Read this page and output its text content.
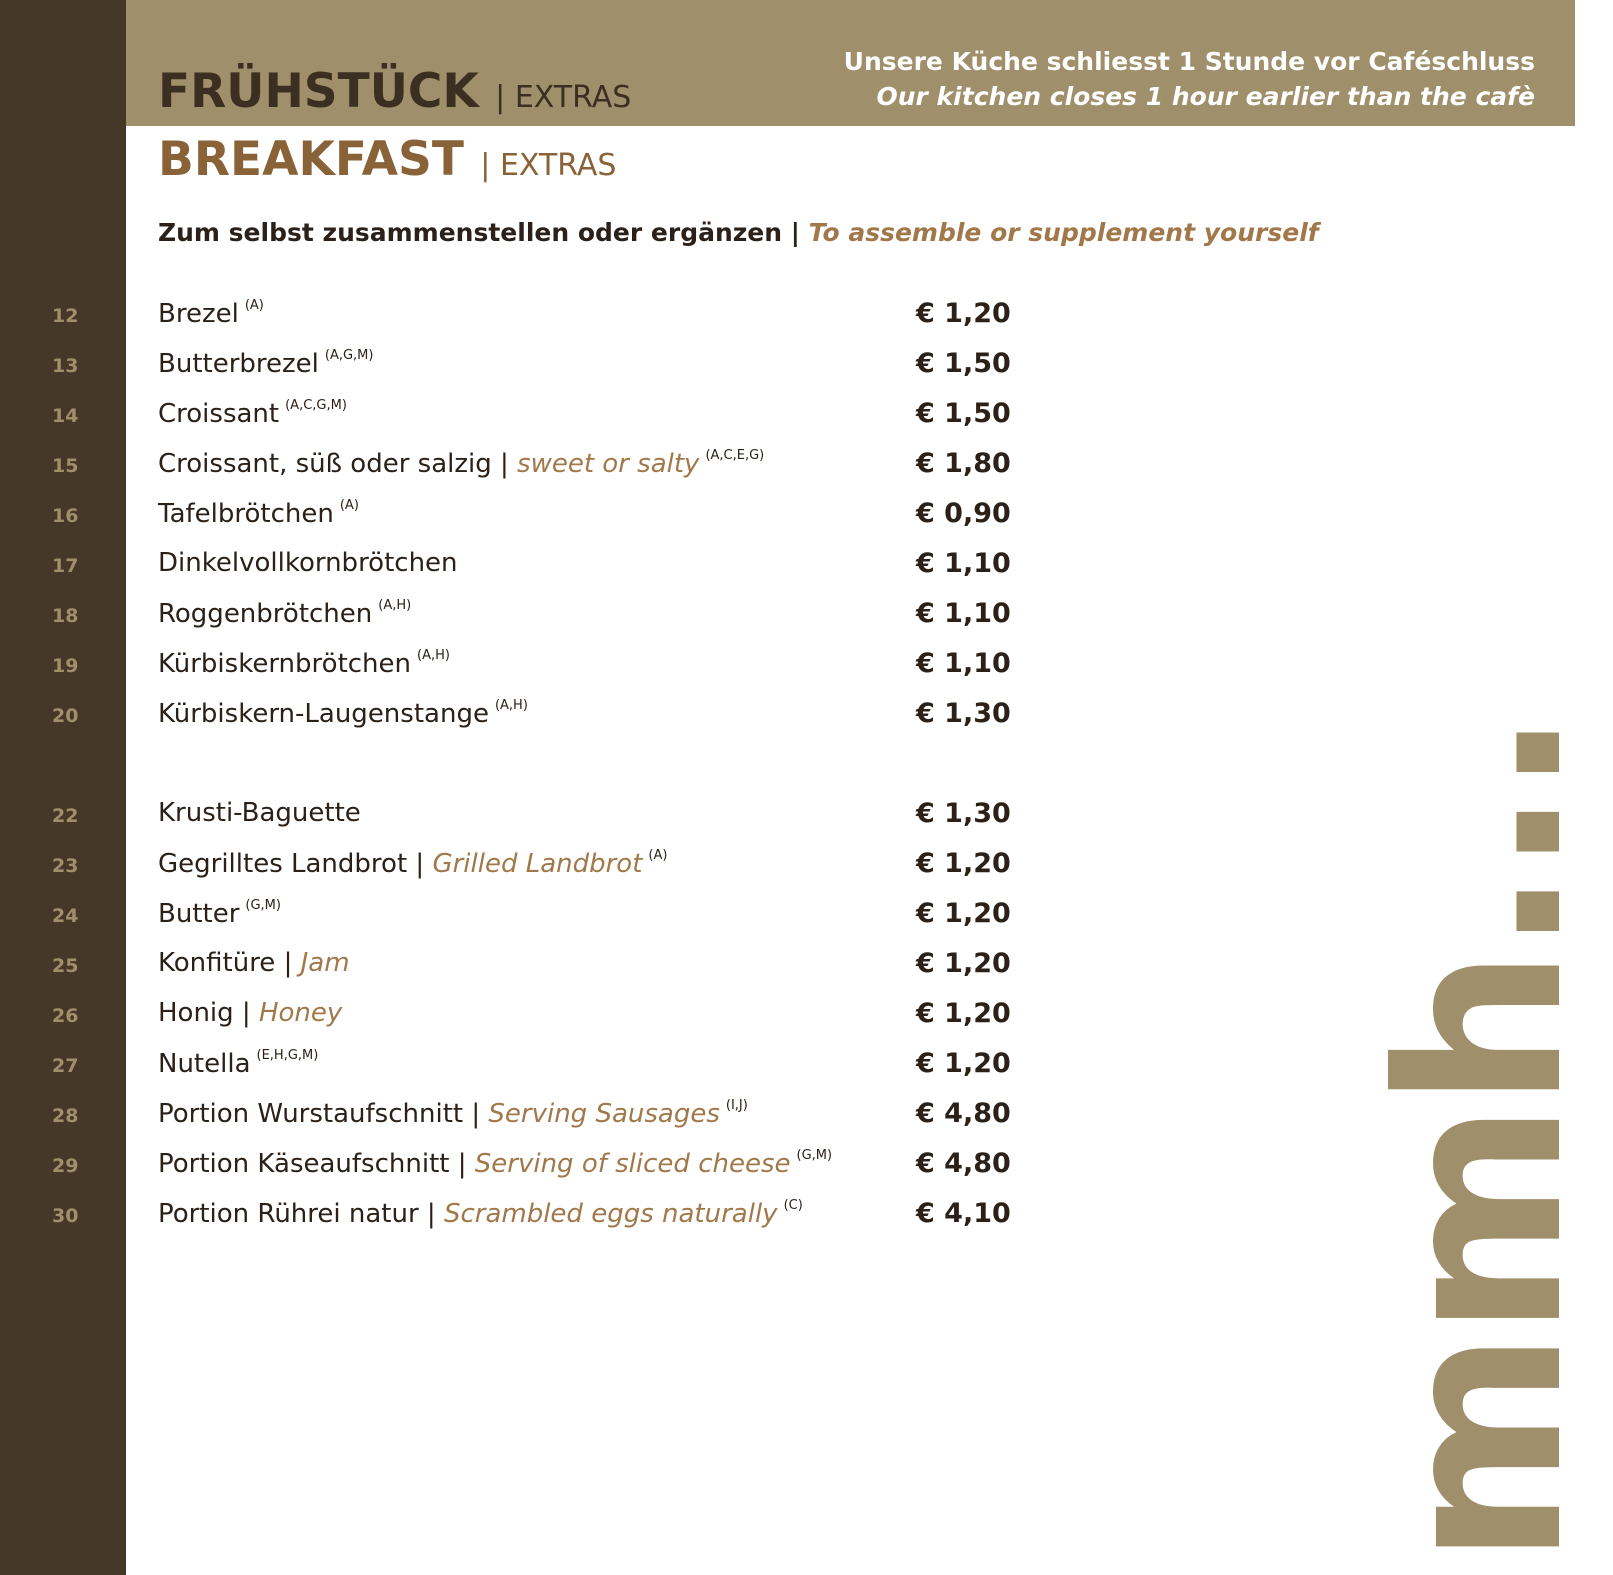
FRÜHSTÜCK | EXTRAS
Unsere Küche schliesst 1 Stunde vor Caféschluss
Our kitchen closes 1 hour earlier than the cafè
BREAKFAST | EXTRAS
Zum selbst zusammenstellen oder ergänzen | To assemble or supplement yourself
12	Brezel $^{(A)}$	€ 1,20
13	Butterbrezel $^{(A,G,M)}$	€ 1,50
14	Croissant $^{(A,C,G,M)}$	€ 1,50
15	Croissant, süß oder salzig | sweet or salty $^{(A,C,E,G)}$	€ 1,80
16	Tafelbrötchen $^{(A)}$	€ 0,90
17	Dinkelvollkornbrötchen	€ 1,10
18	Roggenbrötchen $^{(A,H)}$	€ 1,10
19	Kürbiskernbrötchen $^{(A,H)}$	€ 1,10
20	Kürbiskern-Laugenstange $^{(A,H)}$	€ 1,30
22	Krusti-Baguette	€ 1,30
23	Gegrilltes Landbrot | Grilled Landbrot $^{(A)}$	€ 1,20
24	Butter $^{(G,M)}$	€ 1,20
25	Konfitüre | Jam	€ 1,20
26	Honig | Honey	€ 1,20
27	Nutella $^{(E,H,G,M)}$	€ 1,20
28	Portion Wurstaufschnitt | Serving Sausages $^{(I,J)}$	€ 4,80
29	Portion Käseaufschnitt | Serving of sliced cheese $^{(G,M)}$	€ 4,80
30	Portion Rührei natur | Scrambled eggs naturally $^{(C)}$	€ 4,10 mmh...
